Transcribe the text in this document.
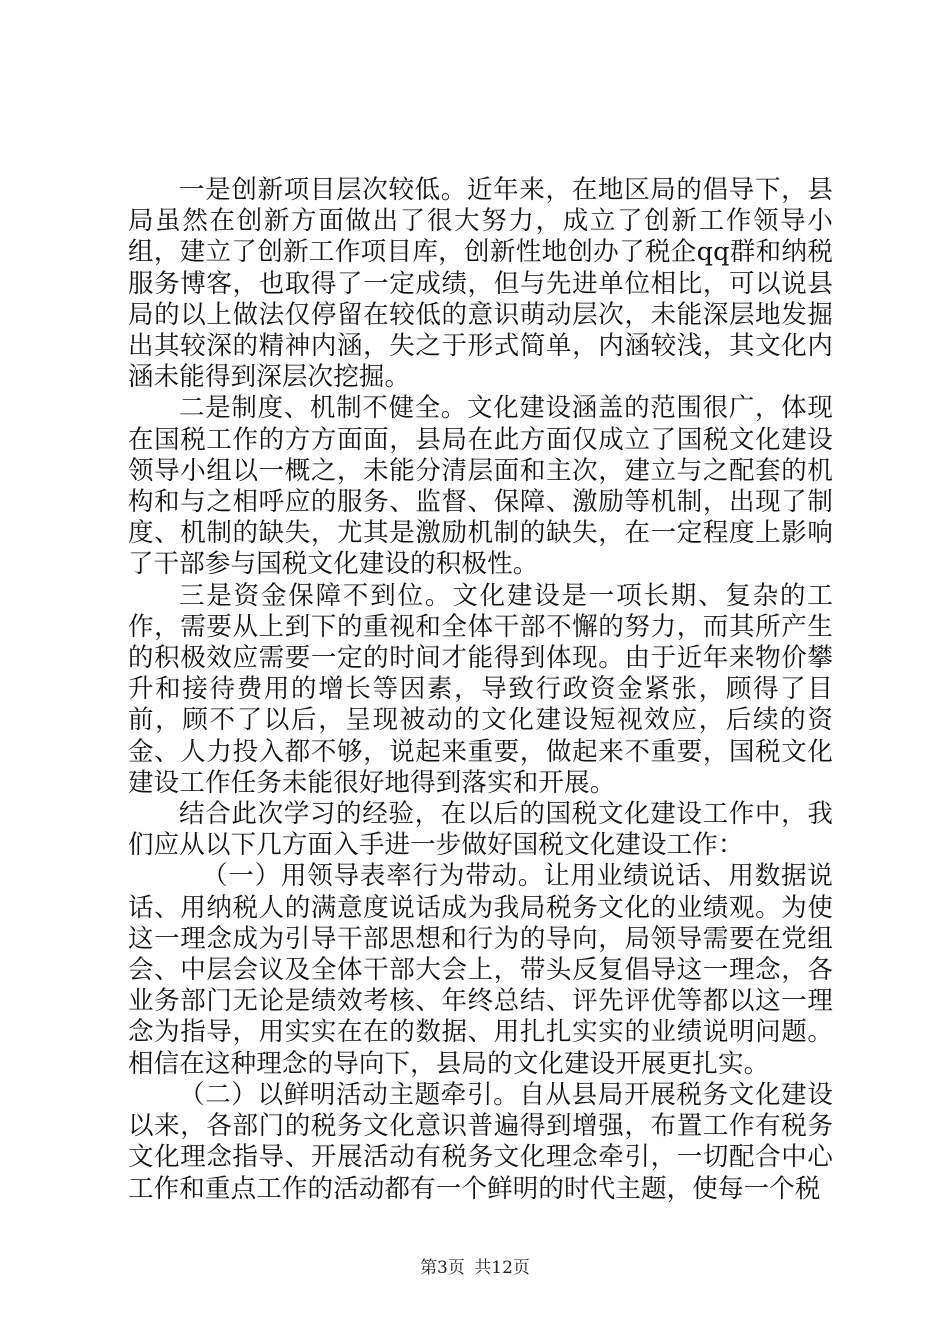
一是创新项目层次较低。近年来，在地区局的倡导下，县局虽然在创新方面做出了很大努力，成立了创新工作领导小组，建立了创新工作项目库，创新性地创办了税企qq群和纳税服务博客，也取得了一定成绩，但与先进单位相比，可以说县局的以上做法仅停留在较低的意识萌动层次，未能深层地发掘出其较深的精神内涵，失之于形式简单，内涵较浅，其文化内涵未能得到深层次挖掘。

二是制度、机制不健全。文化建设涵盖的范围很广，体现在国税工作的方方面面，县局在此方面仅成立了国税文化建设领导小组以一概之，未能分清层面和主次，建立与之配套的机构和与之相呼应的服务、监督、保障、激励等机制，出现了制度、机制的缺失，尤其是激励机制的缺失，在一定程度上影响了干部参与国税文化建设的积极性。

三是资金保障不到位。文化建设是一项长期、复杂的工作，需要从上到下的重视和全体干部不懈的努力，而其所产生的积极效应需要一定的时间才能得到体现。由于近年来物价攀升和接待费用的增长等因素，导致行政资金紧张，顾得了目前，顾不了以后，呈现被动的文化建设短视效应，后续的资金、人力投入都不够，说起来重要，做起来不重要，国税文化建设工作任务未能很好地得到落实和开展。

结合此次学习的经验，在以后的国税文化建设工作中，我们应从以下几方面入手进一步做好国税文化建设工作：

（一）用领导表率行为带动。让用业绩说话、用数据说话、用纳税人的满意度说话成为我局税务文化的业绩观。为使这一理念成为引导干部思想和行为的导向，局领导需要在党组会、中层会议及全体干部大会上，带头反复倡导这一理念，各业务部门无论是绩效考核、年终总结、评先评优等都以这一理念为指导，用实实在在的数据、用扎扎实实的业绩说明问题。相信在这种理念的导向下，县局的文化建设开展更扎实。

（二）以鲜明活动主题牵引。自从县局开展税务文化建设以来，各部门的税务文化意识普遍得到增强，布置工作有税务文化理念指导、开展活动有税务文化理念牵引，一切配合中心工作和重点工作的活动都有一个鲜明的时代主题，使每一个税

第3页 共12页
